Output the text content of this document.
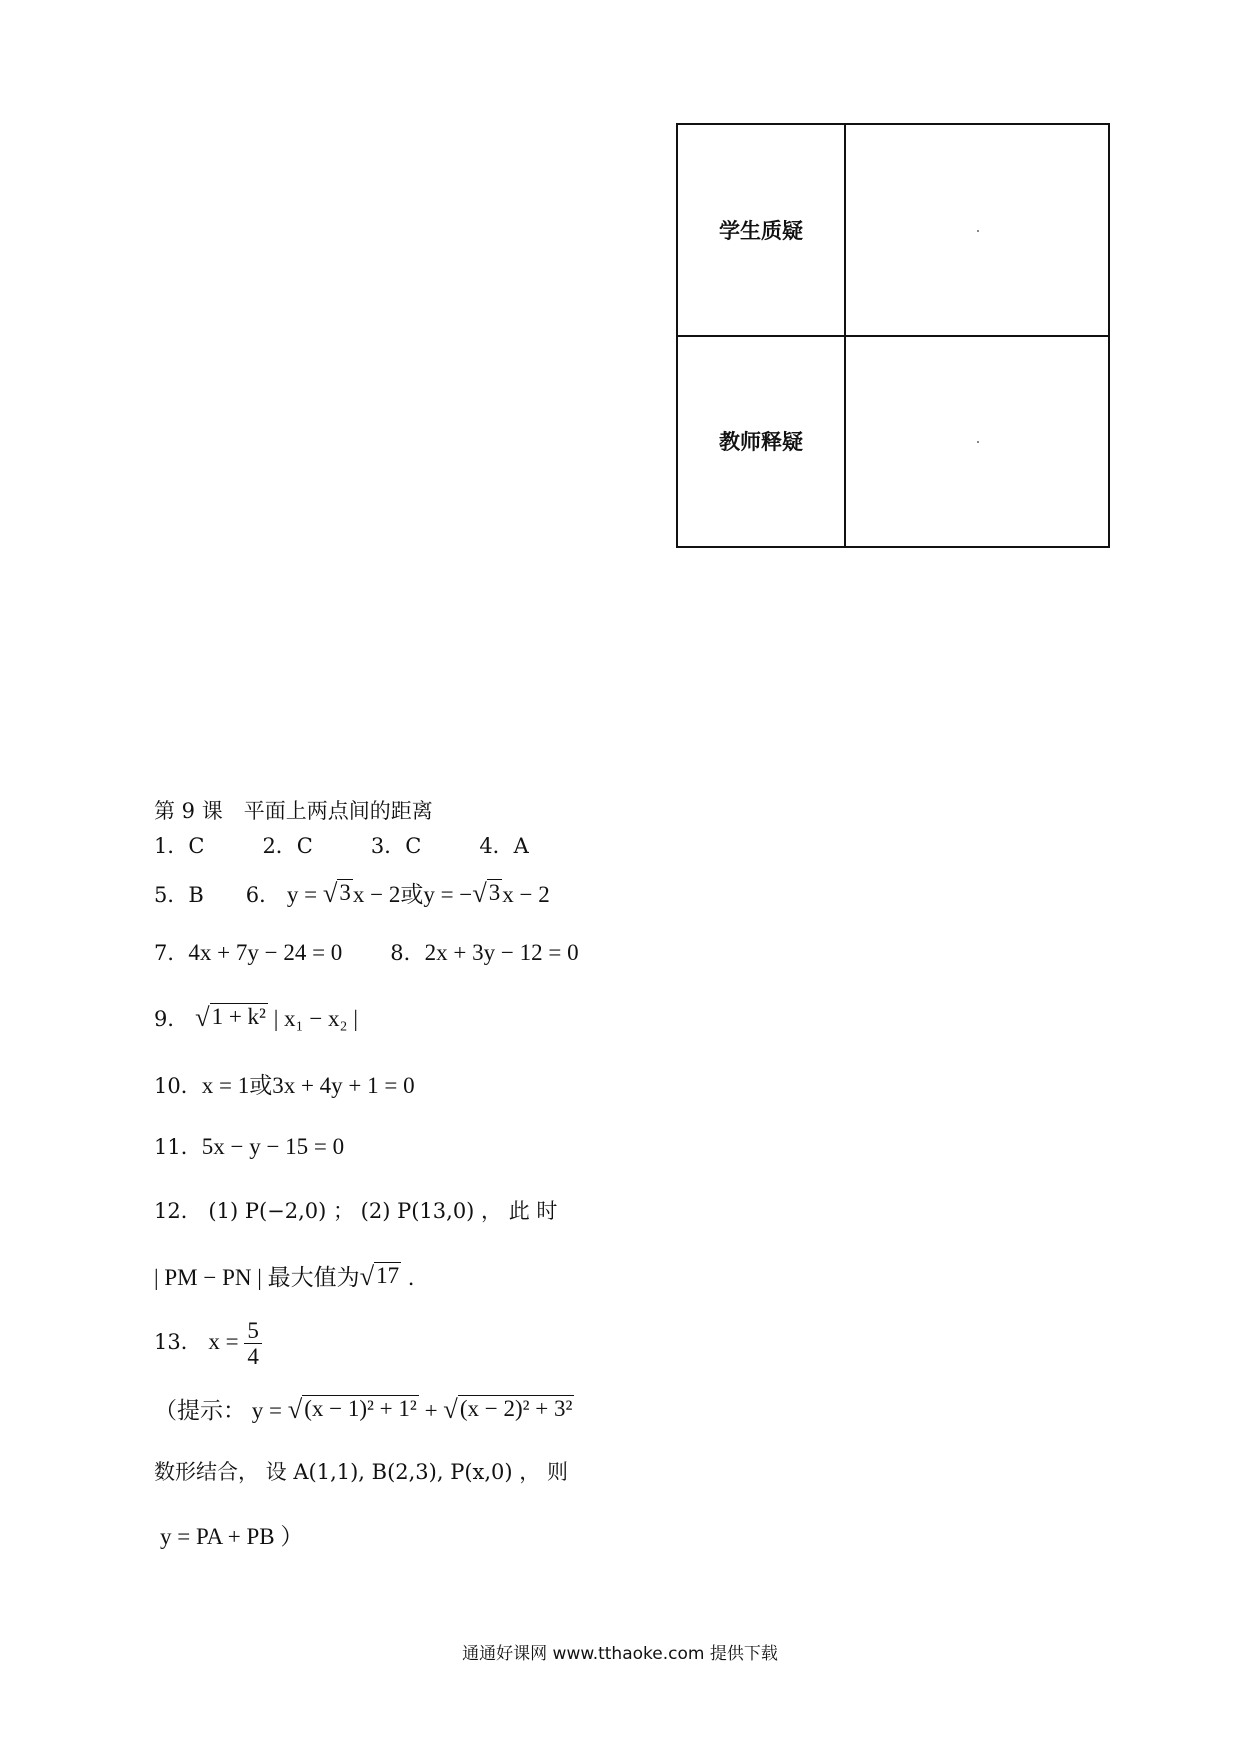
学生质疑	

教师释疑	
第 9 课　平面上两点间的距离
1．C	2．C	3．C	4．A
5．B 6． y = √ 3 x − 2或y = − √ 3 x − 2
7．4x + 7y − 24 = 0 8．2x + 3y − 12 = 0
9． √ 1 + k² | x₁ − x₂ |
10．x = 1或3x + 4y + 1 = 0
11．5x − y − 15 = 0
12． (1) P(−2,0) ； (2) P(13,0) ， 此 时
| PM − PN | 最大值为 √ 17 .
13． $x = \frac{5}{4}$
（提示： y = √ (x − 1)² + 1² + √ (x − 2)² + 3²
数形结合， 设 A(1,1), B(2,3), P(x,0) ， 则
y = PA + PB ）
通通好课网 www.tthaoke.com 提供下载
